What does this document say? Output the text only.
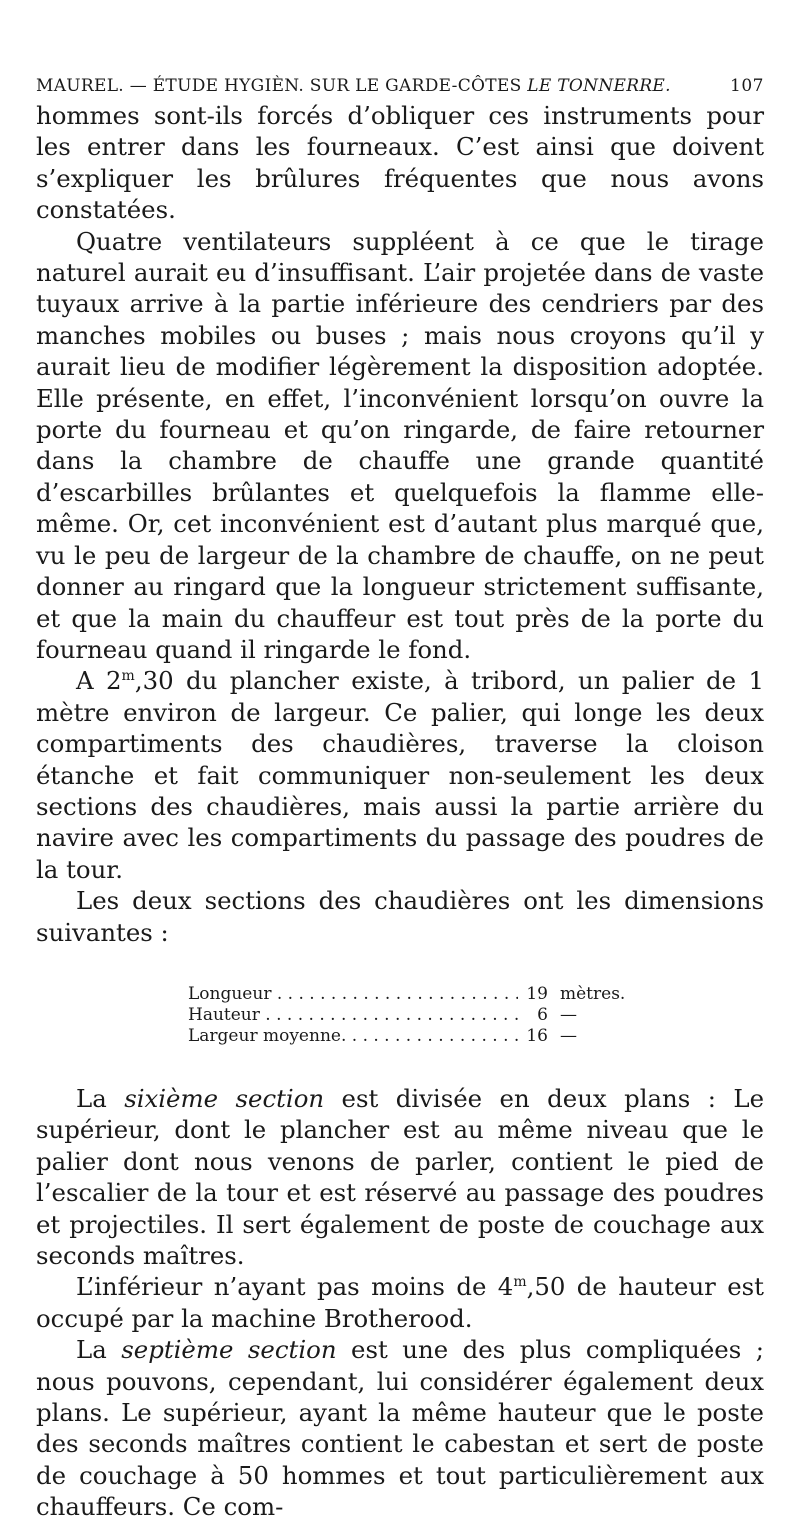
MAUREL. — ÉTUDE HYGIÈN. SUR LE GARDE-CÔTES LE TONNERRE.	107

hommes sont-ils forcés d’obliquer ces instruments pour les entrer dans les fourneaux. C’est ainsi que doivent s’expliquer les brûlures fréquentes que nous avons constatées.

Quatre ventilateurs suppléent à ce que le tirage naturel aurait eu d’insuffisant. L’air projetée dans de vaste tuyaux arrive à la partie inférieure des cendriers par des manches mobiles ou buses ; mais nous croyons qu’il y aurait lieu de modifier légèrement la disposition adoptée. Elle présente, en effet, l’inconvénient lorsqu’on ouvre la porte du fourneau et qu’on ringarde, de faire retourner dans la chambre de chauffe une grande quantité d’escarbilles brûlantes et quelquefois la flamme elle-même. Or, cet inconvénient est d’autant plus marqué que, vu le peu de largeur de la chambre de chauffe, on ne peut donner au ringard que la longueur strictement suffisante, et que la main du chauffeur est tout près de la porte du fourneau quand il ringarde le fond.

A 2$^m$,30 du plancher existe, à tribord, un palier de 1 mètre environ de largeur. Ce palier, qui longe les deux compartiments des chaudières, traverse la cloison étanche et fait communiquer non-seulement les deux sections des chaudières, mais aussi la partie arrière du navire avec les compartiments du passage des poudres de la tour.

Les deux sections des chaudières ont les dimensions suivantes :

Longueur . . .	19 mètres.
Hauteur . . .	6 —
Largeur moyenne. . . .	16 —

La sixième section est divisée en deux plans : Le supérieur, dont le plancher est au même niveau que le palier dont nous venons de parler, contient le pied de l’escalier de la tour et est réservé au passage des poudres et projectiles. Il sert également de poste de couchage aux seconds maîtres.

L’inférieur n’ayant pas moins de 4$^m$,50 de hauteur est occupé par la machine Brotherood.

La septième section est une des plus compliquées ; nous pouvons, cependant, lui considérer également deux plans. Le supérieur, ayant la même hauteur que le poste des seconds maîtres contient le cabestan et sert de poste de couchage à 50 hommes et tout particulièrement aux chauffeurs. Ce com-
